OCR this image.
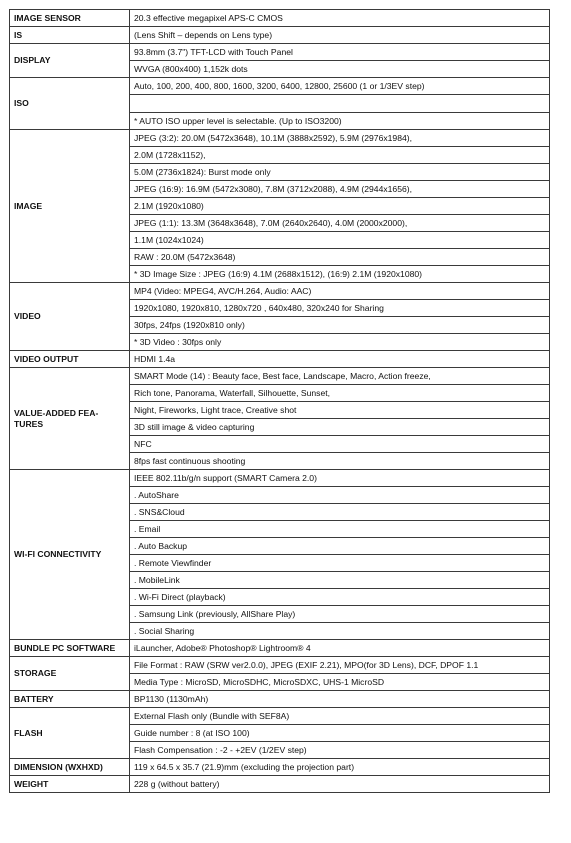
IMAGE SENSOR	20.3 effective megapixel APS-C CMOS
IS	(Lens Shift – depends on Lens type)
DISPLAY	93.8mm (3.7") TFT-LCD with Touch Panel
	WVGA (800x400) 1,152k dots
ISO	Auto, 100, 200, 400, 800, 1600, 3200, 6400, 12800, 25600 (1 or 1/3EV step)

	* AUTO ISO upper level is selectable. (Up to ISO3200)
IMAGE	JPEG (3:2): 20.0M (5472x3648), 10.1M (3888x2592), 5.9M (2976x1984),
	2.0M (1728x1152),
	5.0M (2736x1824): Burst mode only
	JPEG (16:9): 16.9M (5472x3080), 7.8M (3712x2088), 4.9M (2944x1656),
	2.1M (1920x1080)
	JPEG (1:1): 13.3M (3648x3648), 7.0M (2640x2640), 4.0M (2000x2000),
	1.1M (1024x1024)
	RAW : 20.0M (5472x3648)
	* 3D Image Size : JPEG (16:9) 4.1M (2688x1512), (16:9) 2.1M (1920x1080)
VIDEO	MP4 (Video: MPEG4, AVC/H.264, Audio: AAC)
	1920x1080, 1920x810, 1280x720 , 640x480, 320x240 for Sharing
	30fps, 24fps (1920x810 only)
	* 3D Video : 30fps only
VIDEO OUTPUT	HDMI 1.4a
VALUE-ADDED FEA-TURES	SMART Mode (14) : Beauty face, Best face, Landscape, Macro, Action freeze,
	Rich tone, Panorama, Waterfall, Silhouette, Sunset,
	Night, Fireworks, Light trace, Creative shot
	3D still image & video capturing
	NFC
	8fps fast continuous shooting
WI-FI CONNECTIVITY	IEEE 802.11b/g/n support (SMART Camera 2.0)
	. AutoShare
	. SNS&Cloud
	. Email
	. Auto Backup
	. Remote Viewfinder
	. MobileLink
	. Wi-Fi Direct (playback)
	. Samsung Link (previously, AllShare Play)
	. Social Sharing
BUNDLE PC SOFTWARE	iLauncher, Adobe® Photoshop® Lightroom® 4
STORAGE	File Format : RAW (SRW ver2.0.0), JPEG (EXIF 2.21), MPO(for 3D Lens), DCF, DPOF 1.1
	Media Type : MicroSD, MicroSDHC, MicroSDXC, UHS-1 MicroSD
BATTERY	BP1130 (1130mAh)
FLASH	External Flash only (Bundle with SEF8A)
	Guide number : 8 (at ISO 100)
	Flash Compensation : -2 - +2EV (1/2EV step)
DIMENSION (WXHXD)	119 x 64.5 x 35.7 (21.9)mm (excluding the projection part)
WEIGHT	228 g (without battery)
